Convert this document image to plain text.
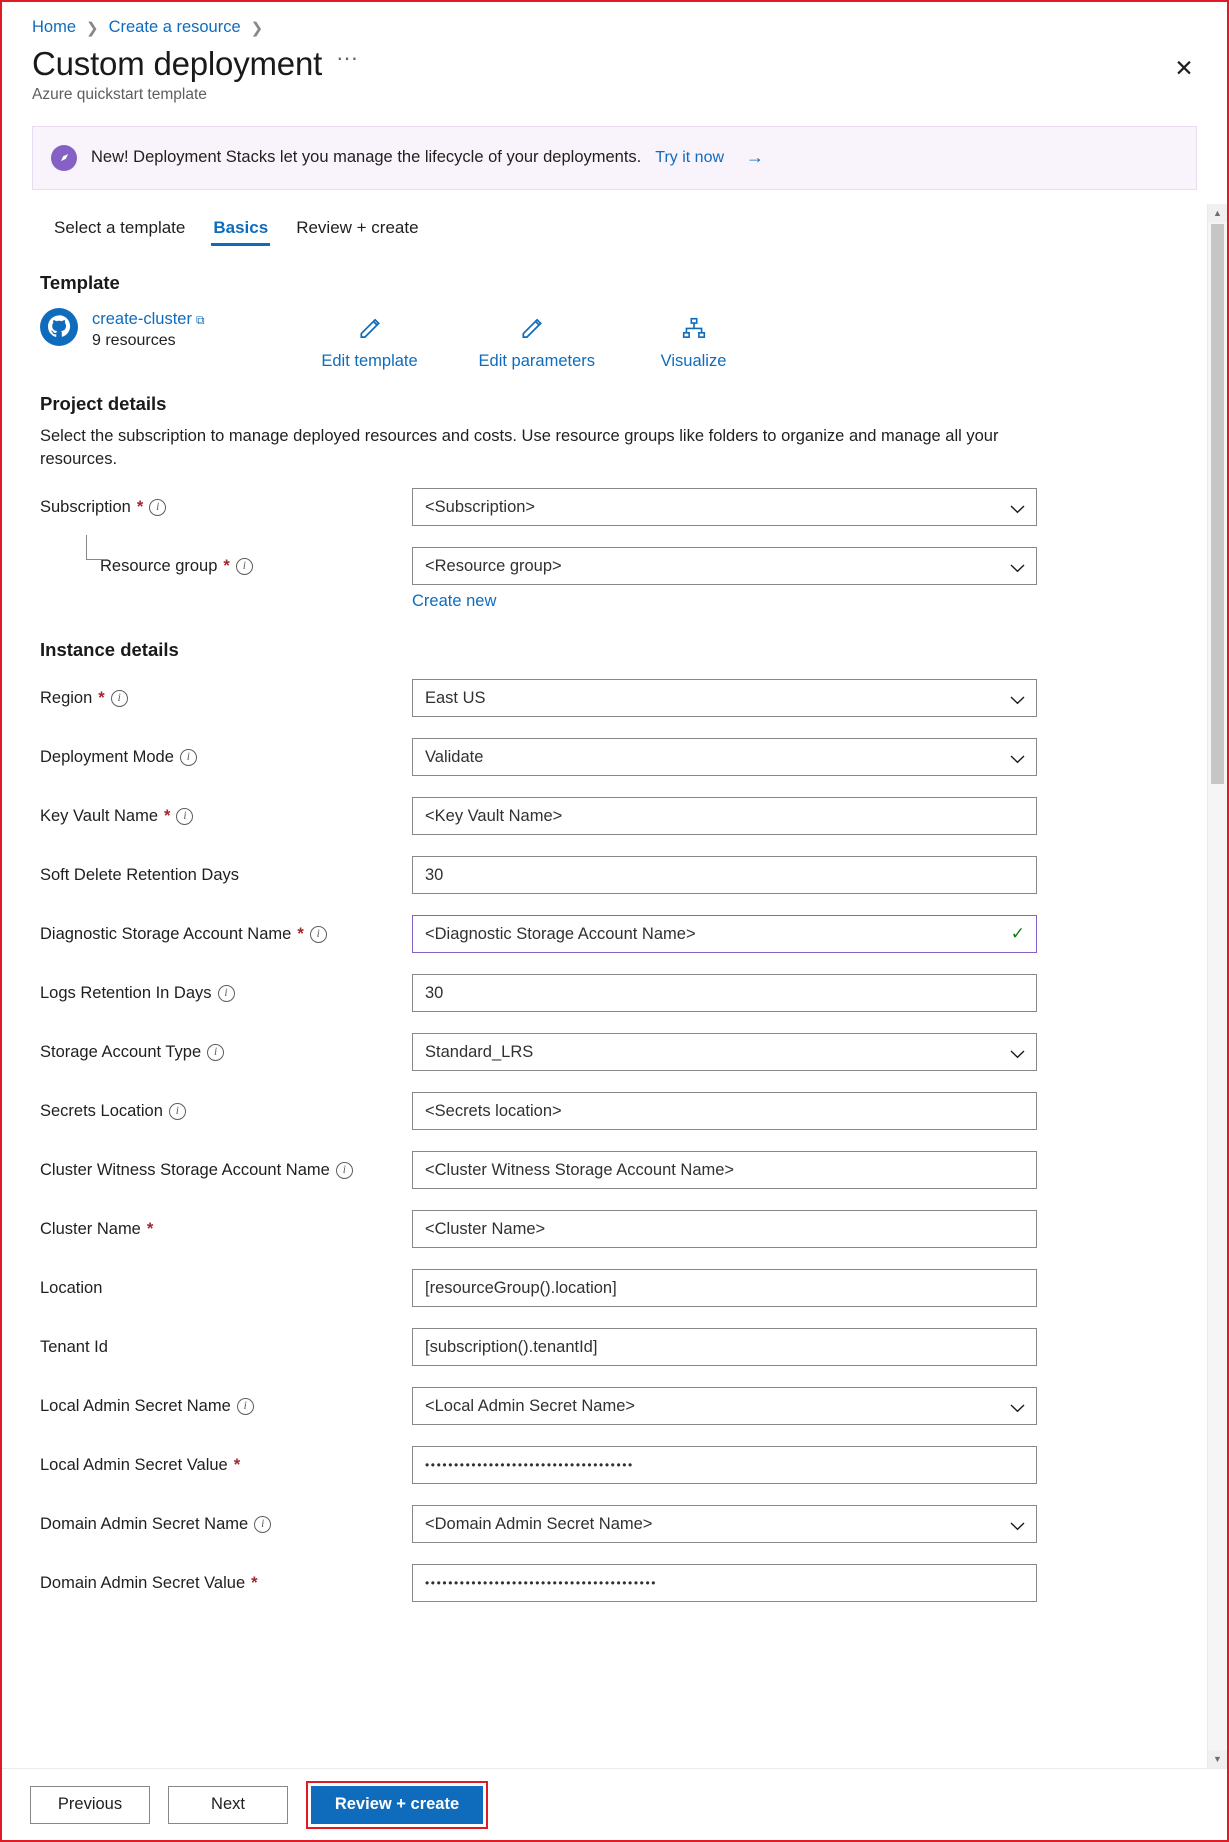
Home ❯ Create a resource ❯
Custom deployment ···
Azure quickstart template
✕
New! Deployment Stacks let you manage the lifecycle of your deployments. Try it now →
Select a template	Basics	Review + create
Template
create-cluster ⧉
9 resources
Edit template	Edit parameters	Visualize
Project details
Select the subscription to manage deployed resources and costs. Use resource groups like folders to organize and manage all your resources.
Subscription *	i	<Subscription>
Resource group *	i	<Resource group>
Create new
Instance details
Region *	i	East US
Deployment Mode	i	Validate
Key Vault Name *	i	<Key Vault Name>
Soft Delete Retention Days	30
Diagnostic Storage Account Name *	i	<Diagnostic Storage Account Name>	✓
Logs Retention In Days	i	30
Storage Account Type	i	Standard_LRS
Secrets Location	i	<Secrets location>
Cluster Witness Storage Account Name	i	<Cluster Witness Storage Account Name>
Cluster Name *	<Cluster Name>
Location	[resourceGroup().location]
Tenant Id	[subscription().tenantId]
Local Admin Secret Name	i	<Local Admin Secret Name>
Local Admin Secret Value *	••••••••••••••••••••••••••••••••••••
Domain Admin Secret Name	i	<Domain Admin Secret Name>
Domain Admin Secret Value *	••••••••••••••••••••••••••••••••••••••••
▲
▼
Previous	Next	Review + create
